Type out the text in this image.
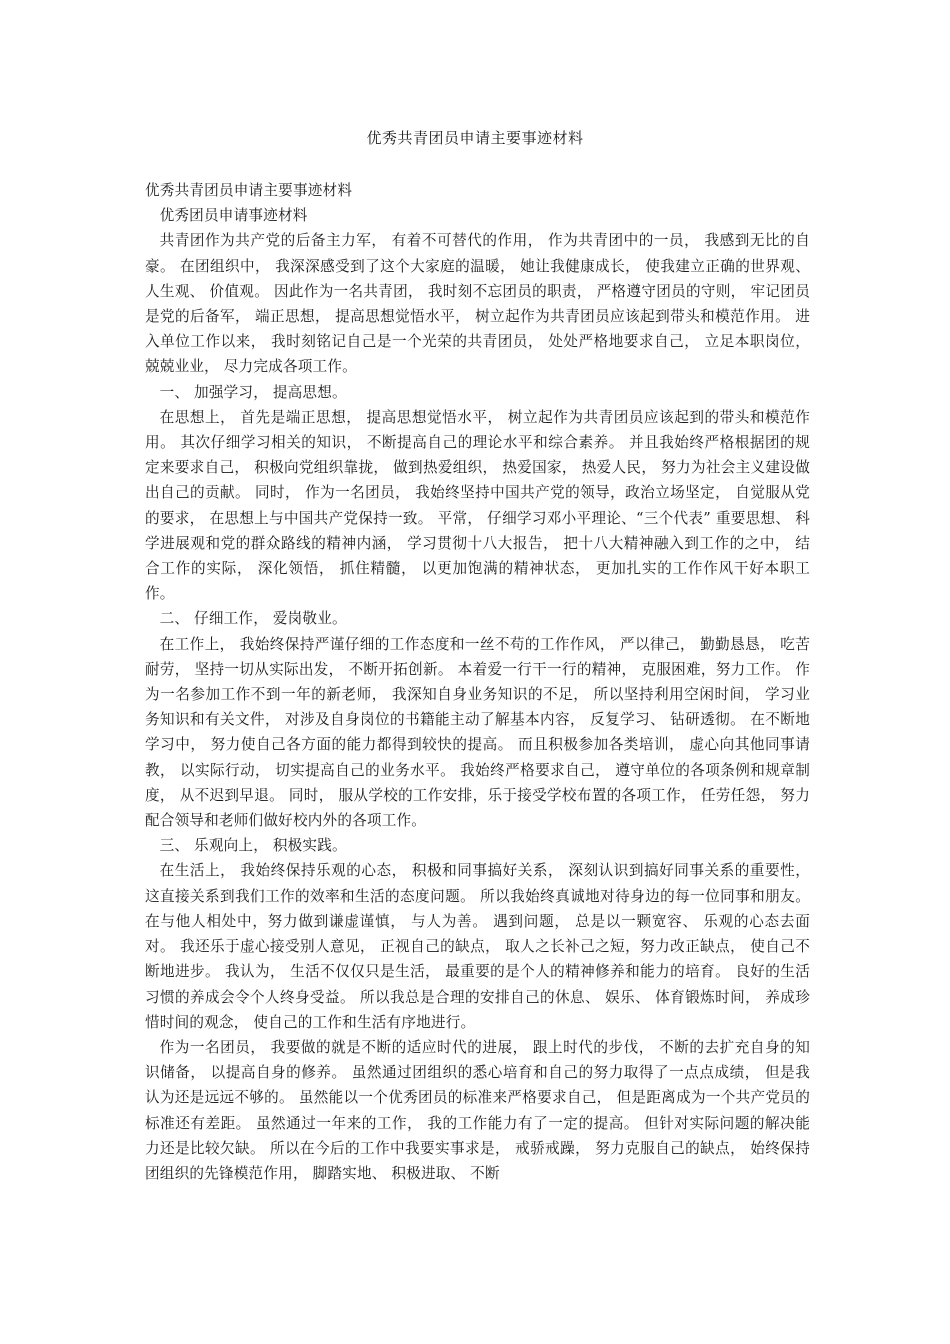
优秀共青团员申请主要事迹材料

优秀共青团员申请主要事迹材料

优秀团员申请事迹材料

共青团作为共产党的后备主力军， 有着不可替代的作用， 作为共青团中的一员， 我感到无比的自豪。 在团组织中， 我深深感受到了这个大家庭的温暖， 她让我健康成长， 使我建立正确的世界观、 人生观、 价值观。 因此作为一名共青团， 我时刻不忘团员的职责， 严格遵守团员的守则， 牢记团员是党的后备军， 端正思想， 提高思想觉悟水平， 树立起作为共青团员应该起到带头和模范作用。 进入单位工作以来， 我时刻铭记自己是一个光荣的共青团员， 处处严格地要求自己， 立足本职岗位， 兢兢业业， 尽力完成各项工作。

一、 加强学习， 提高思想。

在思想上， 首先是端正思想， 提高思想觉悟水平， 树立起作为共青团员应该起到的带头和模范作用。 其次仔细学习相关的知识， 不断提高自己的理论水平和综合素养。 并且我始终严格根据团的规定来要求自己， 积极向党组织靠拢， 做到热爱组织， 热爱国家， 热爱人民， 努力为社会主义建设做出自己的贡献。 同时， 作为一名团员， 我始终坚持中国共产党的领导，政治立场坚定， 自觉服从党的要求， 在思想上与中国共产党保持一致。 平常， 仔细学习邓小平理论、“三个代表” 重要思想、 科学进展观和党的群众路线的精神内涵， 学习贯彻十八大报告， 把十八大精神融入到工作的之中， 结合工作的实际， 深化领悟， 抓住精髓， 以更加饱满的精神状态， 更加扎实的工作作风干好本职工作。

二、 仔细工作， 爱岗敬业。

在工作上， 我始终保持严谨仔细的工作态度和一丝不苟的工作作风， 严以律己， 勤勤恳恳， 吃苦耐劳， 坚持一切从实际出发， 不断开拓创新。 本着爱一行干一行的精神， 克服困难，努力工作。 作为一名参加工作不到一年的新老师， 我深知自身业务知识的不足， 所以坚持利用空闲时间， 学习业务知识和有关文件， 对涉及自身岗位的书籍能主动了解基本内容， 反复学习、 钻研透彻。 在不断地学习中， 努力使自己各方面的能力都得到较快的提高。 而且积极参加各类培训， 虚心向其他同事请教， 以实际行动， 切实提高自己的业务水平。 我始终严格要求自己， 遵守单位的各项条例和规章制度， 从不迟到早退。 同时， 服从学校的工作安排，乐于接受学校布置的各项工作， 任劳任怨， 努力配合领导和老师们做好校内外的各项工作。

三、 乐观向上， 积极实践。

在生活上， 我始终保持乐观的心态， 积极和同事搞好关系， 深刻认识到搞好同事关系的重要性， 这直接关系到我们工作的效率和生活的态度问题。 所以我始终真诚地对待身边的每一位同事和朋友。 在与他人相处中，努力做到谦虚谨慎， 与人为善。 遇到问题， 总是以一颗宽容、 乐观的心态去面对。 我还乐于虚心接受别人意见， 正视自己的缺点， 取人之长补己之短，努力改正缺点， 使自己不断地进步。 我认为， 生活不仅仅只是生活， 最重要的是个人的精神修养和能力的培育。 良好的生活习惯的养成会令个人终身受益。 所以我总是合理的安排自己的休息、 娱乐、 体育锻炼时间， 养成珍惜时间的观念， 使自己的工作和生活有序地进行。

作为一名团员， 我要做的就是不断的适应时代的进展， 跟上时代的步伐， 不断的去扩充自身的知识储备， 以提高自身的修养。 虽然通过团组织的悉心培育和自己的努力取得了一点点成绩， 但是我认为还是远远不够的。 虽然能以一个优秀团员的标准来严格要求自己， 但是距离成为一个共产党员的标准还有差距。 虽然通过一年来的工作， 我的工作能力有了一定的提高。 但针对实际问题的解决能力还是比较欠缺。 所以在今后的工作中我要实事求是， 戒骄戒躁， 努力克服自己的缺点， 始终保持团组织的先锋模范作用， 脚踏实地、 积极进取、 不断
